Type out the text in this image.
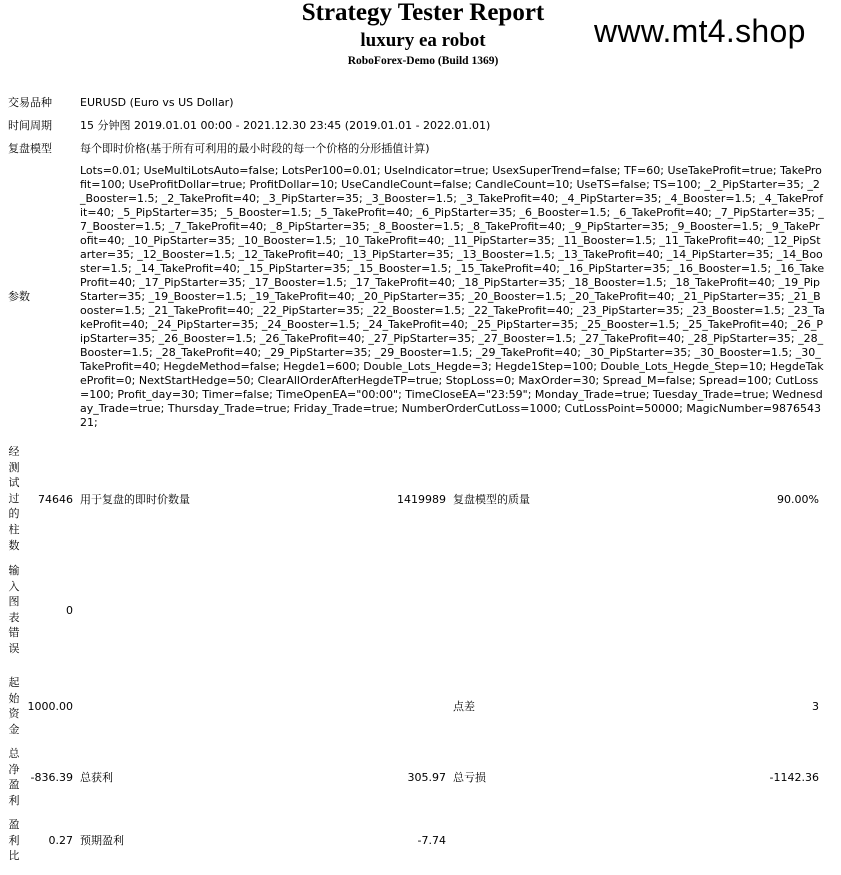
Strategy Tester Report
luxury ea robot
RoboForex-Demo (Build 1369)
www.mt4.shop
交易品种	EURUSD (Euro vs US Dollar)
时间周期	15 分钟图 2019.01.01 00:00 - 2021.12.30 23:45 (2019.01.01 - 2022.01.01)
复盘模型	每个即时价格(基于所有可利用的最小时段的每一个价格的分形插值计算)
参数
Lots=0.01; UseMultiLotsAuto=false; LotsPer100=0.01; UseIndicator=true; UsexSuperTrend=false; TF=60; UseTakeProfit=true; TakeProfit=100; UseProfitDollar=true; ProfitDollar=10; UseCandleCount=false; CandleCount=10; UseTS=false; TS=100; _2_PipStarter=35; _2_Booster=1.5; _2_TakeProfit=40; _3_PipStarter=35; _3_Booster=1.5; _3_TakeProfit=40; _4_PipStarter=35; _4_Booster=1.5; _4_TakeProfit=40; _5_PipStarter=35; _5_Booster=1.5; _5_TakeProfit=40; _6_PipStarter=35; _6_Booster=1.5; _6_TakeProfit=40; _7_PipStarter=35; _7_Booster=1.5; _7_TakeProfit=40; _8_PipStarter=35; _8_Booster=1.5; _8_TakeProfit=40; _9_PipStarter=35; _9_Booster=1.5; _9_TakeProfit=40; _10_PipStarter=35; _10_Booster=1.5; _10_TakeProfit=40; _11_PipStarter=35; _11_Booster=1.5; _11_TakeProfit=40; _12_PipStarter=35; _12_Booster=1.5; _12_TakeProfit=40; _13_PipStarter=35; _13_Booster=1.5; _13_TakeProfit=40; _14_PipStarter=35; _14_Booster=1.5; _14_TakeProfit=40; _15_PipStarter=35; _15_Booster=1.5; _15_TakeProfit=40; _16_PipStarter=35; _16_Booster=1.5; _16_TakeProfit=40; _17_PipStarter=35; _17_Booster=1.5; _17_TakeProfit=40; _18_PipStarter=35; _18_Booster=1.5; _18_TakeProfit=40; _19_PipStarter=35; _19_Booster=1.5; _19_TakeProfit=40; _20_PipStarter=35; _20_Booster=1.5; _20_TakeProfit=40; _21_PipStarter=35; _21_Booster=1.5; _21_TakeProfit=40; _22_PipStarter=35; _22_Booster=1.5; _22_TakeProfit=40; _23_PipStarter=35; _23_Booster=1.5; _23_TakeProfit=40; _24_PipStarter=35; _24_Booster=1.5; _24_TakeProfit=40; _25_PipStarter=35; _25_Booster=1.5; _25_TakeProfit=40; _26_PipStarter=35; _26_Booster=1.5; _26_TakeProfit=40; _27_PipStarter=35; _27_Booster=1.5; _27_TakeProfit=40; _28_PipStarter=35; _28_Booster=1.5; _28_TakeProfit=40; _29_PipStarter=35; _29_Booster=1.5; _29_TakeProfit=40; _30_PipStarter=35; _30_Booster=1.5; _30_TakeProfit=40; HegdeMethod=false; Hegde1=600; Double_Lots_Hegde=3; Hegde1Step=100; Double_Lots_Hegde_Step=10; HegdeTakeProfit=0; NextStartHedge=50; ClearAllOrderAfterHegdeTP=true; StopLoss=0; MaxOrder=30; Spread_M=false; Spread=100; CutLoss=100; Profit_day=30; Timer=false; TimeOpenEA="00:00"; TimeCloseEA="23:59"; Monday_Trade=true; Tuesday_Trade=true; Wednesday_Trade=true; Thursday_Trade=true; Friday_Trade=true; NumberOrderCutLoss=1000; CutLossPoint=50000; MagicNumber=987654321;
经
测
试
过
的
柱
数
74646 用于复盘的即时价数量	1419989 复盘模型的质量	90.00%
输
入
图
表
错
误
0
起
始
资
金
1000.00	点差	3
总
净
盈
利
-836.39 总获利	305.97 总亏损	-1142.36
盈
利
比
0.27 预期盈利	-7.74
